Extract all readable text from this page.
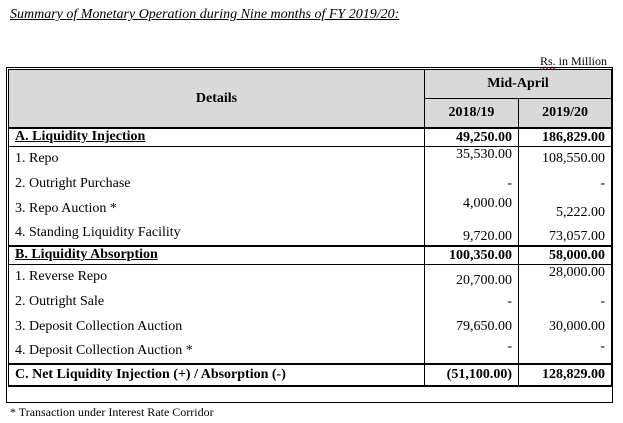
Summary of Monetary Operation during Nine months of FY 2019/20:
Rs. in Million
Details	Mid-April	
	2018/19	2019/20
A. Liquidity Injection	49,250.00	186,829.00
1. Repo	35,530.00	108,550.00
2. Outright Purchase	-	-
3. Repo Auction *	4,000.00	5,222.00
4. Standing Liquidity Facility	9,720.00	73,057.00
B. Liquidity Absorption	100,350.00	58,000.00
1. Reverse Repo	20,700.00	28,000.00
2. Outright Sale	-	-
3. Deposit Collection Auction	79,650.00	30,000.00
4. Deposit Collection Auction *	-	-
C. Net Liquidity Injection (+) / Absorption (-)	(51,100.00)	128,829.00
* Transaction under Interest Rate Corridor
